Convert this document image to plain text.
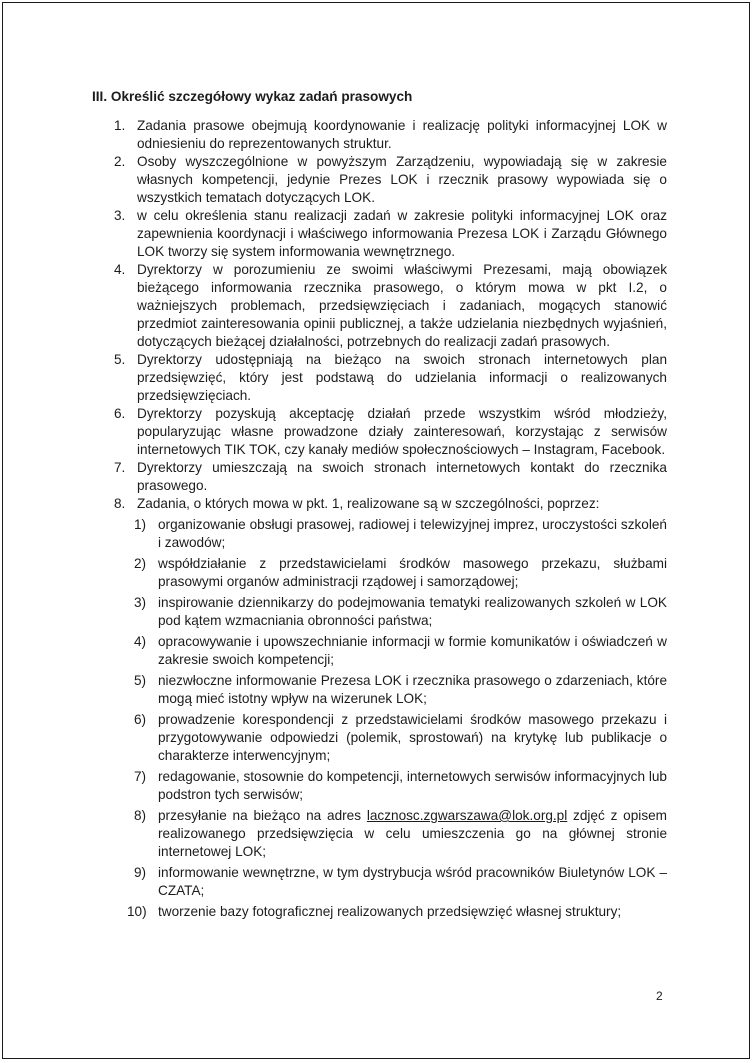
III. Określić szczegółowy wykaz zadań prasowych
1. Zadania prasowe obejmują koordynowanie i realizację polityki informacyjnej LOK w odniesieniu do reprezentowanych struktur.
2. Osoby wyszczególnione w powyższym Zarządzeniu, wypowiadają się w zakresie własnych kompetencji, jedynie Prezes LOK i rzecznik prasowy wypowiada się o wszystkich tematach dotyczących LOK.
3. w celu określenia stanu realizacji zadań w zakresie polityki informacyjnej LOK oraz zapewnienia koordynacji i właściwego informowania Prezesa LOK i Zarządu Głównego LOK tworzy się system informowania wewnętrznego.
4. Dyrektorzy w porozumieniu ze swoimi właściwymi Prezesami, mają obowiązek bieżącego informowania rzecznika prasowego, o którym mowa w pkt I.2, o ważniejszych problemach, przedsięwzięciach i zadaniach, mogących stanowić przedmiot zainteresowania opinii publicznej, a także udzielania niezbędnych wyjaśnień, dotyczących bieżącej działalności, potrzebnych do realizacji zadań prasowych.
5. Dyrektorzy udostępniają na bieżąco na swoich stronach internetowych plan przedsięwzięć, który jest podstawą do udzielania informacji o realizowanych przedsięwzięciach.
6. Dyrektorzy pozyskują akceptację działań przede wszystkim wśród młodzieży, popularyzując własne prowadzone działy zainteresowań, korzystając z serwisów internetowych TIK TOK, czy kanały mediów społecznościowych – Instagram, Facebook.
7. Dyrektorzy umieszczają na swoich stronach internetowych kontakt do rzecznika prasowego.
8. Zadania, o których mowa w pkt. 1, realizowane są w szczególności, poprzez:
1) organizowanie obsługi prasowej, radiowej i telewizyjnej imprez, uroczystości szkoleń i zawodów;
2) współdziałanie z przedstawicielami środków masowego przekazu, służbami prasowymi organów administracji rządowej i samorządowej;
3) inspirowanie dziennikarzy do podejmowania tematyki realizowanych szkoleń w LOK pod kątem wzmacniania obronności państwa;
4) opracowywanie i upowszechnianie informacji w formie komunikatów i oświadczeń w zakresie swoich kompetencji;
5) niezwłoczne informowanie Prezesa LOK i rzecznika prasowego o zdarzeniach, które mogą mieć istotny wpływ na wizerunek LOK;
6) prowadzenie korespondencji z przedstawicielami środków masowego przekazu i przygotowywanie odpowiedzi (polemik, sprostowań) na krytykę lub publikacje o charakterze interwencyjnym;
7) redagowanie, stosownie do kompetencji, internetowych serwisów informacyjnych lub podstron tych serwisów;
8) przesyłanie na bieżąco na adres lacznosc.zgwarszawa@lok.org.pl zdjęć z opisem realizowanego przedsięwzięcia w celu umieszczenia go na głównej stronie internetowej LOK;
9) informowanie wewnętrzne, w tym dystrybucja wśród pracowników Biuletynów LOK – CZATA;
10) tworzenie bazy fotograficznej realizowanych przedsięwzięć własnej struktury;
2
